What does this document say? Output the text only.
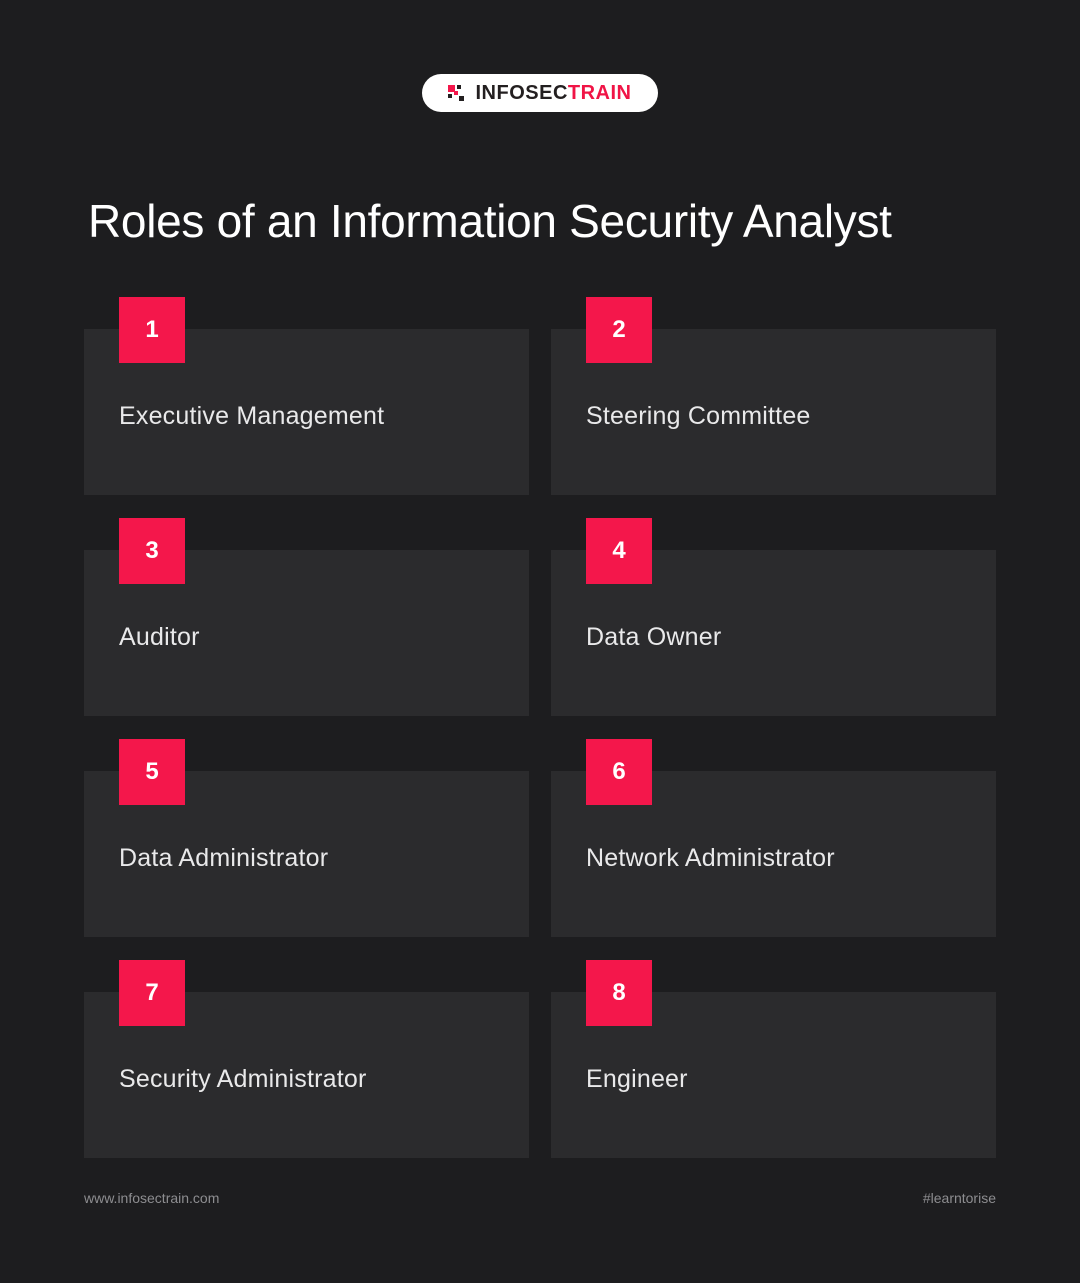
INFOSECTRAIN
Roles of an Information Security Analyst
1
Executive Management
2
Steering Committee
3
Auditor
4
Data Owner
5
Data Administrator
6
Network Administrator
7
Security Administrator
8
Engineer
www.infosectrain.com	#learntorise
